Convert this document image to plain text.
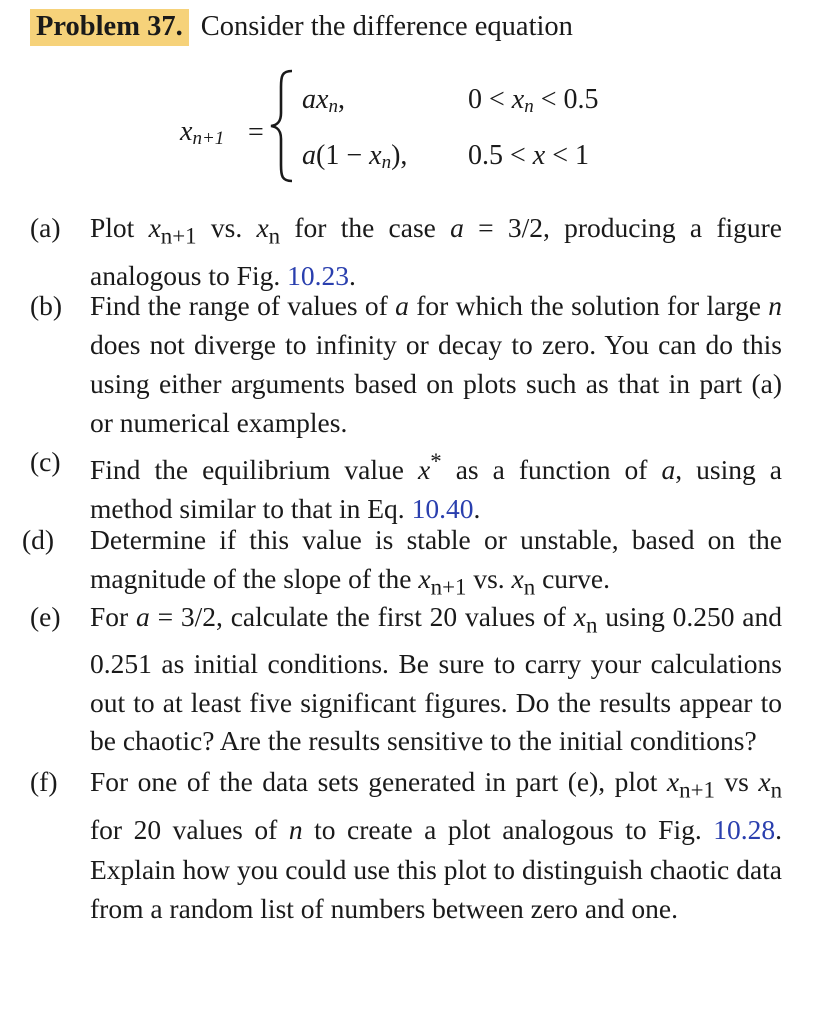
Problem 37. Consider the difference equation
$x_{n+1}$ =
$ax_n$,
$a(1 - x_n)$,
$0 < x_n < 0.5$
0.5 < x < 1
(a) Plot $x_{n+1}$ vs. $x_n$ for the case a = 3/2, producing a figure analogous to Fig. 10.23.
(b) Find the range of values of a for which the solution for large n does not diverge to infinity or decay to zero. You can do this using either arguments based on plots such as that in part (a) or numerical examples.
(c) Find the equilibrium value x* as a function of a, using a method similar to that in Eq. 10.40.
(d) Determine if this value is stable or unstable, based on the magnitude of the slope of the $x_{n+1}$ vs. $x_n$ curve.
(e) For a = 3/2, calculate the first 20 values of $x_n$ using 0.250 and 0.251 as initial conditions. Be sure to carry your calculations out to at least five significant figures. Do the results appear to be chaotic? Are the results sensitive to the initial conditions?
(f) For one of the data sets generated in part (e), plot $x_{n+1}$ vs $x_n$ for 20 values of n to create a plot analogous to Fig. 10.28. Explain how you could use this plot to distinguish chaotic data from a random list of numbers between zero and one.
